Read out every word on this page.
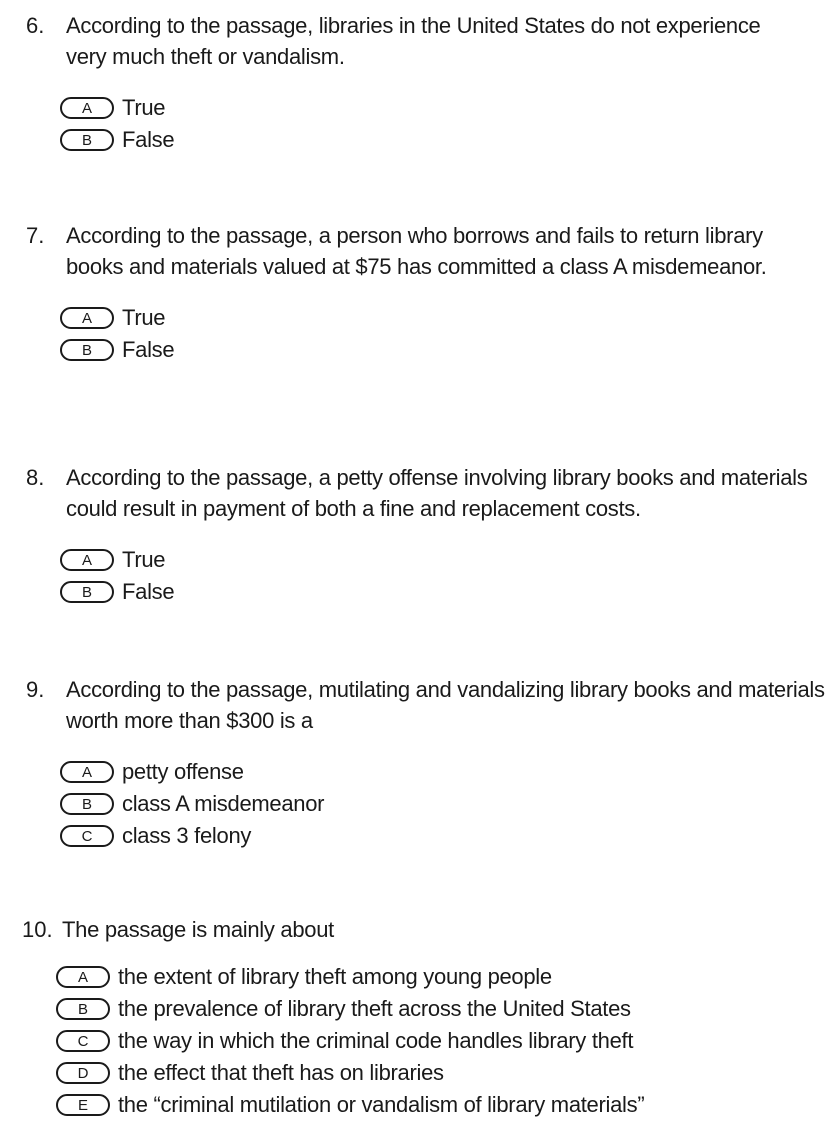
6. According to the passage, libraries in the United States do not experience very much theft or vandalism.
A	True
B	False
7. According to the passage, a person who borrows and fails to return library books and materials valued at $75 has committed a class A misdemeanor.
A	True
B	False
8. According to the passage, a petty offense involving library books and materials could result in payment of both a fine and replacement costs.
A	True
B	False
9. According to the passage, mutilating and vandalizing library books and materials worth more than $300 is a
A	petty offense
B	class A misdemeanor
C	class 3 felony
10. The passage is mainly about
A	the extent of library theft among young people
B	the prevalence of library theft across the United States
C	the way in which the criminal code handles library theft
D	the effect that theft has on libraries
E	the “criminal mutilation or vandalism of library materials”
